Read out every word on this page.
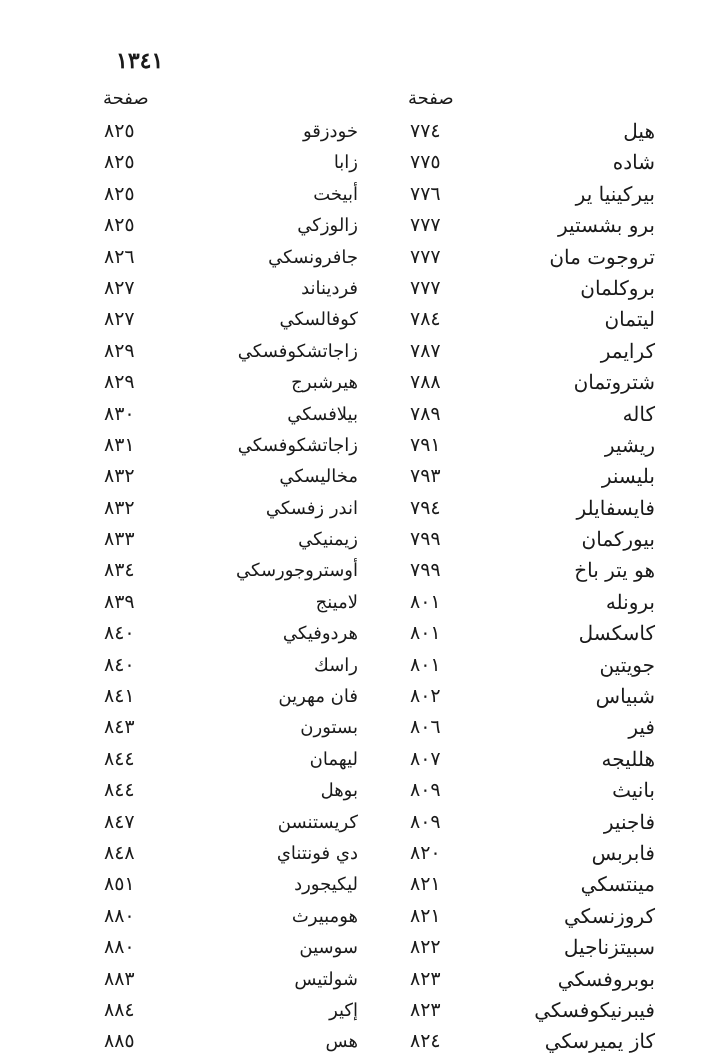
١٣٤١
صفحة
صفحة
هيل
٧٧٤
خودزقو
٨٢٥
شاده
٧٧٥
زابا
٨٢٥
بيركينيا ير
٧٧٦
أبيخت
٨٢٥
برو بشستير
٧٧٧
زالوزكي
٨٢٥
تروجوت مان
٧٧٧
جافرونسكي
٨٢٦
بروكلمان
٧٧٧
فرديناند
٨٢٧
ليتمان
٧٨٤
كوفالسكي
٨٢٧
كرايمر
٧٨٧
زاجاتشكوفسكي
٨٢٩
شتروتمان
٧٨٨
هيرشبرج
٨٢٩
كاله
٧٨٩
بيلافسكي
٨٣٠
ريشير
٧٩١
زاجاتشكوفسكي
٨٣١
بليسنر
٧٩٣
مخاليسكي
٨٣٢
فايسفايلر
٧٩٤
اندر زفسكي
٨٣٢
بيوركمان
٧٩٩
زيمنيكي
٨٣٣
هو يتر باخ
٧٩٩
أوستروجورسكي
٨٣٤
برونله
٨٠١
لامينج
٨٣٩
كاسكسل
٨٠١
هردوفيكي
٨٤٠
جويتين
٨٠١
راسك
٨٤٠
شبياس
٨٠٢
فان مهرين
٨٤١
فير
٨٠٦
بستورن
٨٤٣
هلليجه
٨٠٧
ليهمان
٨٤٤
بانيث
٨٠٩
بوهل
٨٤٤
فاجنير
٨٠٩
كريستنسن
٨٤٧
فابربس
٨٢٠
دي فونتناي
٨٤٨
مينتسكي
٨٢١
ليكيجورد
٨٥١
كروزنسكي
٨٢١
هومبيرث
٨٨٠
سبيتزناجيل
٨٢٢
سوسين
٨٨٠
بوبروفسكي
٨٢٣
شولتيس
٨٨٣
فيبرنيكوفسكي
٨٢٣
إكير
٨٨٤
كاز يميرسكي
٨٢٤
هس
٨٨٥
